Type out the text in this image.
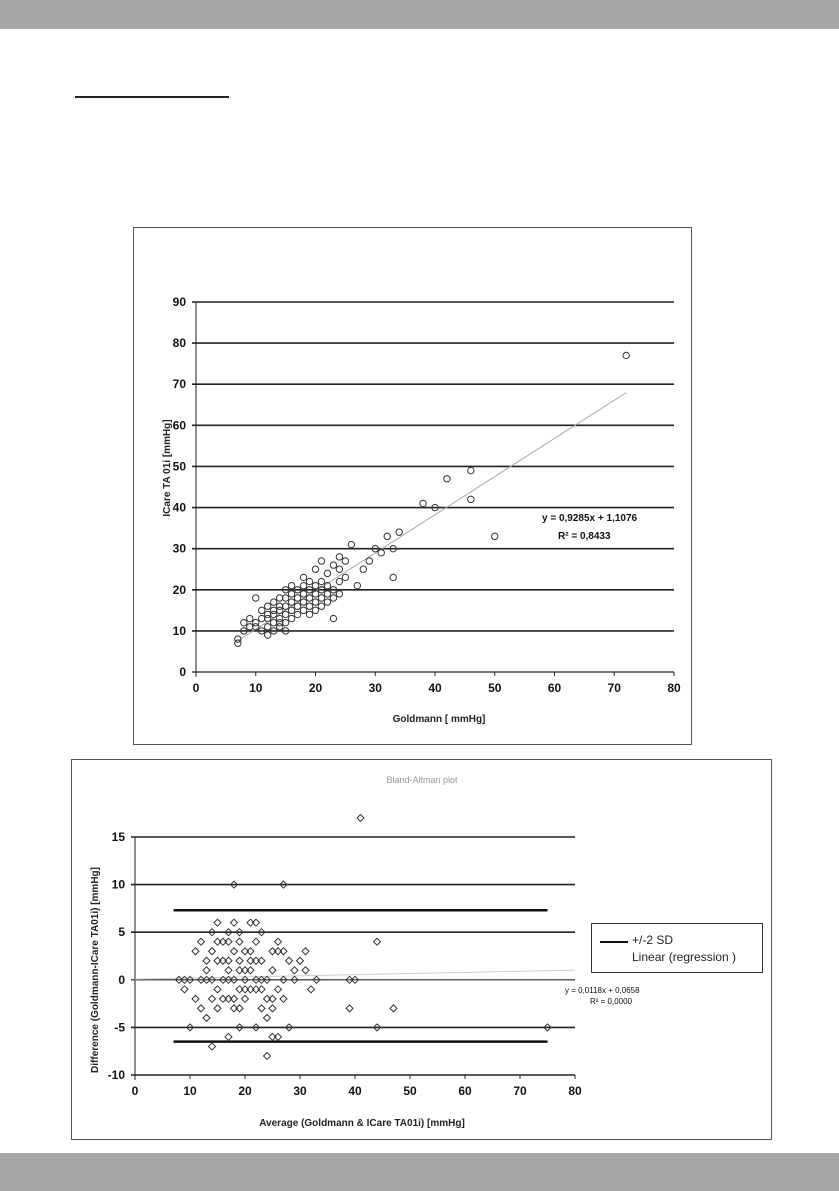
0
10
20
30
40
50
60
70
80
90
0	10	20	30	40	50	60	70	80
Goldmann [ mmHg]
ICare TA 01i [mmHg]
y = 0,9285x + 1,1076
R² = 0,8433
Bland-Altman plot
-10
-5
0
5
10
15
0	10	20	30	40	50	60	70	80
Average (Goldmann & ICare TA01i) [mmHg]
Difference (Goldmann-ICare TA01i) [mmHg]	y = 0,0118x + 0,0658
R² = 0,0000
+/-2 SD
Linear (regression )
